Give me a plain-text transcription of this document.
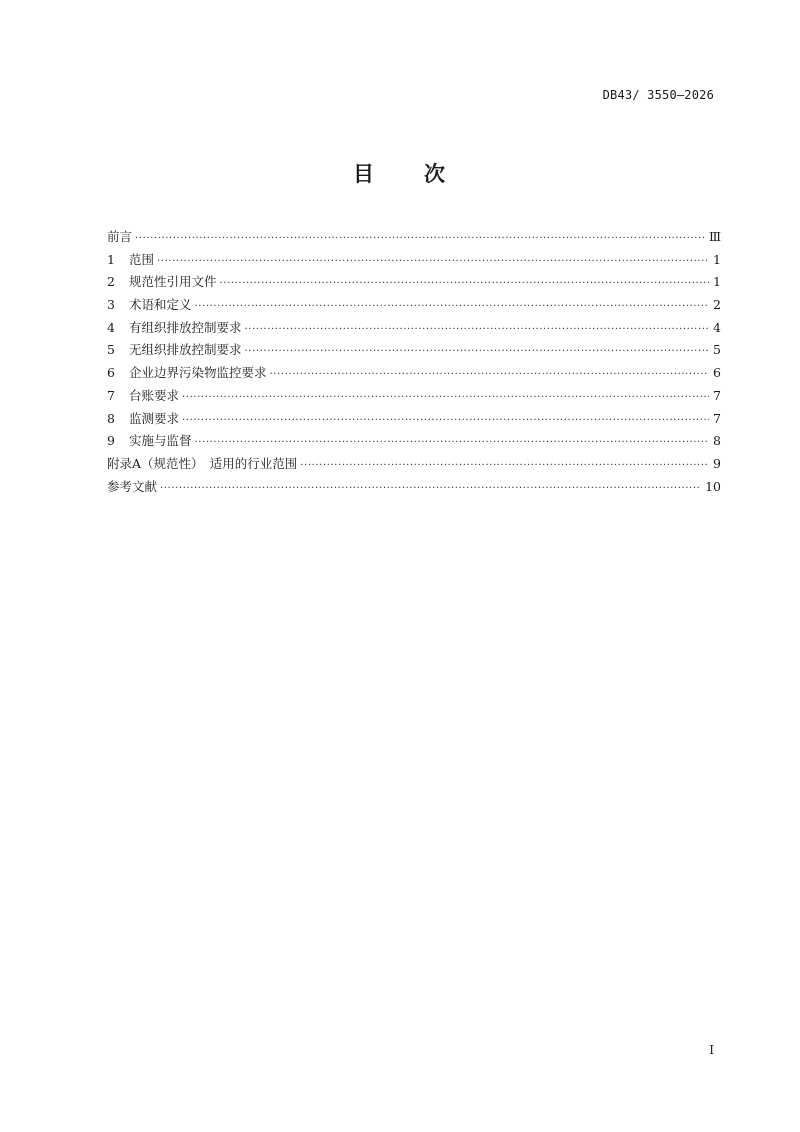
DB43/ 3550—2026
目 次
前言 ·····	Ⅲ
1	范围 ·····	1
2	规范性引用文件 ·····	1
3	术语和定义 ·····	2
4	有组织排放控制要求 ·····	4
5	无组织排放控制要求 ·····	5
6	企业边界污染物监控要求 ·····	6
7	台账要求 ·····	7
8	监测要求 ·····	7
9	实施与监督 ·····	8
附录A（规范性）　适用的行业范围 ·····	9
参考文献 ·····	10
I
